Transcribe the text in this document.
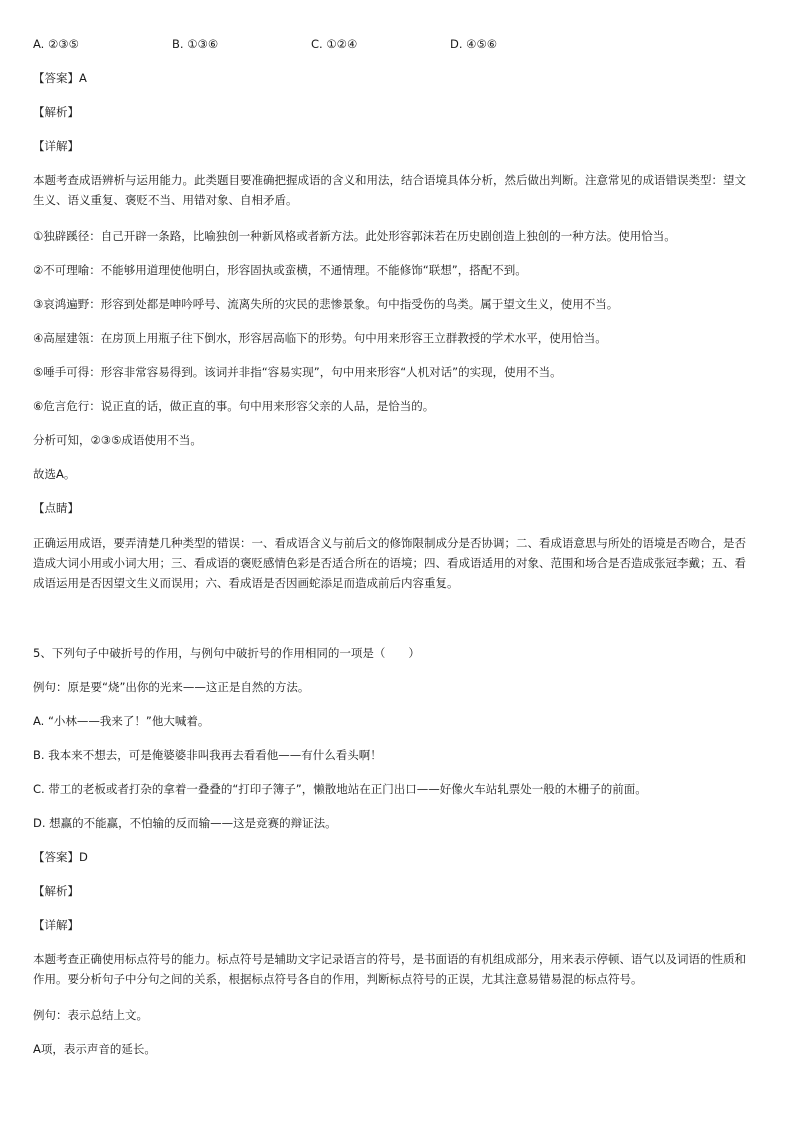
A. ②③⑤	B. ①③⑥	C. ①②④	D. ④⑤⑥
【答案】A
【解析】
【详解】
本题考查成语辨析与运用能力。此类题目要准确把握成语的含义和用法，结合语境具体分析，然后做出判断。注意常见的成语错误类型：望文生义、语义重复、褒贬不当、用错对象、自相矛盾。
①独辟蹊径：自己开辟一条路，比喻独创一种新风格或者新方法。此处形容郭沫若在历史剧创造上独创的一种方法。使用恰当。
②不可理喻：不能够用道理使他明白，形容固执或蛮横，不通情理。不能修饰“联想”，搭配不到。
③哀鸿遍野：形容到处都是呻吟呼号、流离失所的灾民的悲惨景象。句中指受伤的鸟类。属于望文生义，使用不当。
④高屋建瓴：在房顶上用瓶子往下倒水，形容居高临下的形势。句中用来形容王立群教授的学术水平，使用恰当。
⑤唾手可得：形容非常容易得到。该词并非指“容易实现”，句中用来形容“人机对话”的实现，使用不当。
⑥危言危行：说正直的话，做正直的事。句中用来形容父亲的人品，是恰当的。
分析可知，②③⑤成语使用不当。
故选A。
【点睛】
正确运用成语，要弄清楚几种类型的错误：一、看成语含义与前后文的修饰限制成分是否协调；二、看成语意思与所处的语境是否吻合，是否造成大词小用或小词大用；三、看成语的褒贬感情色彩是否适合所在的语境；四、看成语适用的对象、范围和场合是否造成张冠李戴；五、看成语运用是否因望文生义而误用；六、看成语是否因画蛇添足而造成前后内容重复。
5、下列句子中破折号的作用，与例句中破折号的作用相同的一项是（　　）
例句：原是要“烧”出你的光来——这正是自然的方法。
A. “小林——我来了！”他大喊着。
B. 我本来不想去，可是俺婆婆非叫我再去看看他——有什么看头啊！
C. 带工的老板或者打杂的拿着一叠叠的“打印子簿子”，懒散地站在正门出口——好像火车站轧票处一般的木栅子的前面。
D. 想赢的不能赢，不怕输的反而输——这是竞赛的辩证法。
【答案】D
【解析】
【详解】
本题考查正确使用标点符号的能力。标点符号是辅助文字记录语言的符号，是书面语的有机组成部分，用来表示停顿、语气以及词语的性质和作用。要分析句子中分句之间的关系，根据标点符号各自的作用，判断标点符号的正误，尤其注意易错易混的标点符号。
例句：表示总结上文。
A项，表示声音的延长。
